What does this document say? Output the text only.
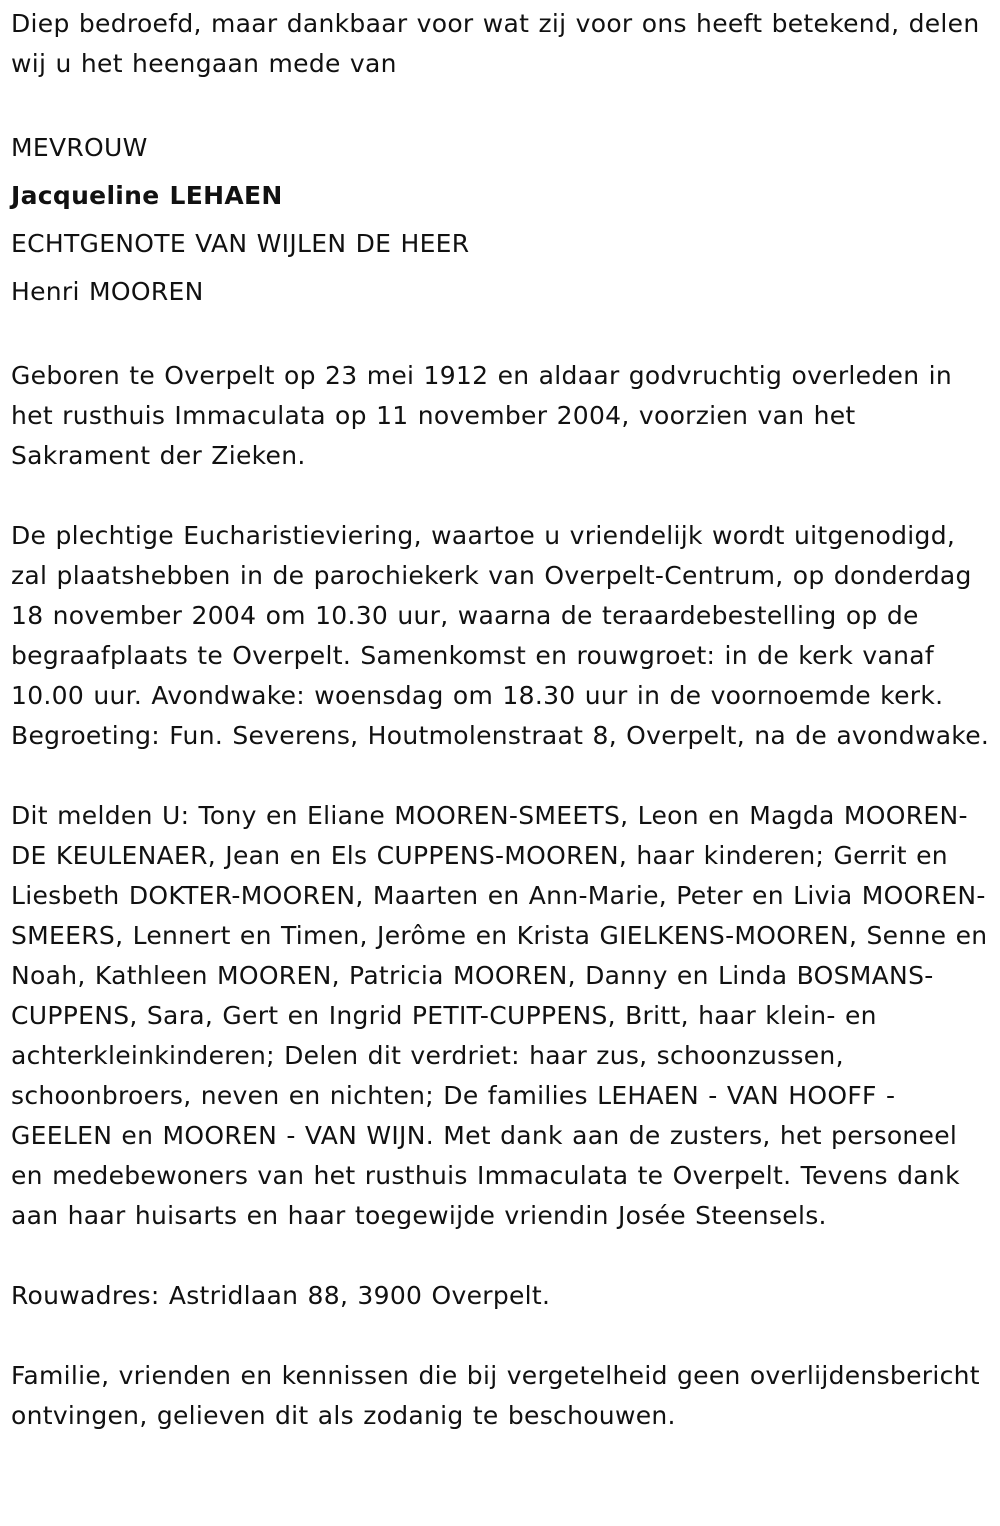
Diep bedroefd, maar dankbaar voor wat zij voor ons heeft betekend, delen wij u het heengaan mede van

MEVROUW

Jacqueline LEHAEN

ECHTGENOTE VAN WIJLEN DE HEER

Henri MOOREN

Geboren te Overpelt op 23 mei 1912 en aldaar godvruchtig overleden in het rusthuis Immaculata op 11 november 2004, voorzien van het Sakrament der Zieken.

De plechtige Eucharistieviering, waartoe u vriendelijk wordt uitgenodigd, zal plaatshebben in de parochiekerk van Overpelt-Centrum, op donderdag 18 november 2004 om 10.30 uur, waarna de teraardebestelling op de begraafplaats te Overpelt. Samenkomst en rouwgroet: in de kerk vanaf 10.00 uur. Avondwake: woensdag om 18.30 uur in de voornoemde kerk. Begroeting: Fun. Severens, Houtmolenstraat 8, Overpelt, na de avondwake.

Dit melden U: Tony en Eliane MOOREN-SMEETS, Leon en Magda MOOREN-DE KEULENAER, Jean en Els CUPPENS-MOOREN, haar kinderen; Gerrit en Liesbeth DOKTER-MOOREN, Maarten en Ann-Marie, Peter en Livia MOOREN-SMEERS, Lennert en Timen, Jerôme en Krista GIELKENS-MOOREN, Senne en Noah, Kathleen MOOREN, Patricia MOOREN, Danny en Linda BOSMANS-CUPPENS, Sara, Gert en Ingrid PETIT-CUPPENS, Britt, haar klein- en achterkleinkinderen; Delen dit verdriet: haar zus, schoonzussen, schoonbroers, neven en nichten; De families LEHAEN - VAN HOOFF - GEELEN en MOOREN - VAN WIJN. Met dank aan de zusters, het personeel en medebewoners van het rusthuis Immaculata te Overpelt. Tevens dank aan haar huisarts en haar toegewijde vriendin Josée Steensels.

Rouwadres: Astridlaan 88, 3900 Overpelt.

Familie, vrienden en kennissen die bij vergetelheid geen overlijdensbericht ontvingen, gelieven dit als zodanig te beschouwen.
